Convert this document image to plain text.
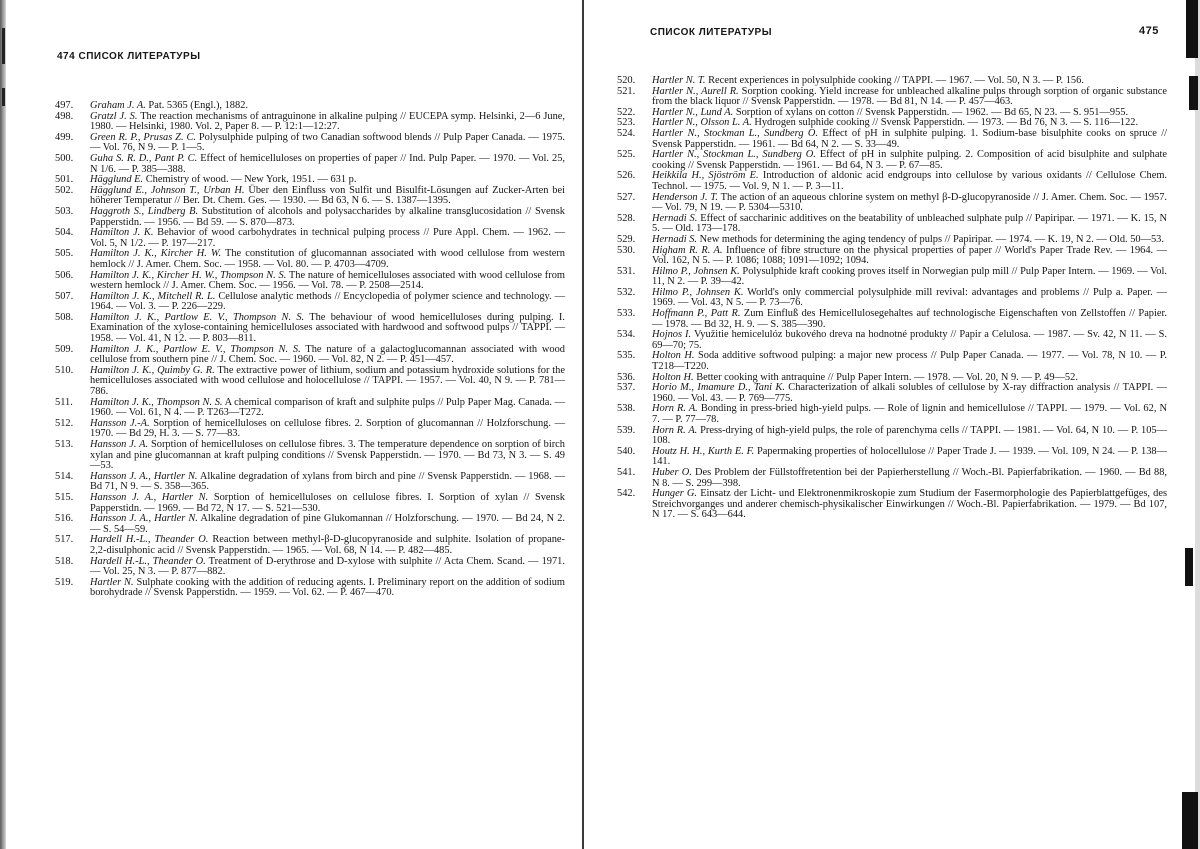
474 СПИСОК ЛИТЕРАТУРЫ

497.	Graham J. A. Pat. 5365 (Engl.), 1882.

498.	Gratzl J. S. The reaction mechanisms of antraguinone in alkaline pulping // EUCEPA symp. Helsinki, 2—6 June, 1980. — Helsinki, 1980. Vol. 2, Paper 8. — P. 12:1—12:27.

499.	Green R. P., Prusas Z. C. Polysulphide pulping of two Canadian softwood blends // Pulp Paper Canada. — 1975. — Vol. 76, N 9. — P. 1—5.

500.	Guha S. R. D., Pant P. C. Effect of hemicelluloses on properties of paper // Ind. Pulp Paper. — 1970. — Vol. 25, N 1/6. — P. 385—388.

501.	Hägglund E. Chemistry of wood. — New York, 1951. — 631 p.

502.	Hägglund E., Johnson T., Urban H. Über den Einfluss von Sulfit und Bisulfit-Lösungen auf Zucker-Arten bei höherer Temperatur // Ber. Dt. Chem. Ges. — 1930. — Bd 63, N 6. — S. 1387—1395.

503.	Haggroth S., Lindberg B. Substitution of alcohols and polysaccharides by alkaline transglucosidation // Svensk Papperstidn. — 1956. — Bd 59. — S. 870—873.

504.	Hamilton J. K. Behavior of wood carbohydrates in technical pulping process // Pure Appl. Chem. — 1962. — Vol. 5, N 1/2. — P. 197—217.

505.	Hamilton J. K., Kircher H. W. The constitution of glucomannan associated with wood cellulose from western hemlock // J. Amer. Chem. Soc. — 1958. — Vol. 80. — P. 4703—4709.

506.	Hamilton J. K., Kircher H. W., Thompson N. S. The nature of hemicelluloses associated with wood cellulose from western hemlock // J. Amer. Chem. Soc. — 1956. — Vol. 78. — P. 2508—2514.

507.	Hamilton J. K., Mitchell R. L. Cellulose analytic methods // Encyclopedia of polymer science and technology. — 1964. — Vol. 3. — P. 226—229.

508.	Hamilton J. K., Partlow E. V., Thompson N. S. The behaviour of wood hemicelluloses during pulping. I. Examination of the xylose-containing hemicelluloses associated with hardwood and softwood pulps // TAPPI. — 1958. — Vol. 41, N 12. — P. 803—811.

509.	Hamilton J. K., Partlow E. V., Thompson N. S. The nature of a galactoglucomannan associated with wood cellulose from southern pine // J. Chem. Soc. — 1960. — Vol. 82, N 2. — P. 451—457.

510.	Hamilton J. K., Quimby G. R. The extractive power of lithium, sodium and potassium hydroxide solutions for the hemicelluloses associated with wood cellulose and holocellulose // TAPPI. — 1957. — Vol. 40, N 9. — P. 781—786.

511.	Hamilton J. K., Thompson N. S. A chemical comparison of kraft and sulphite pulps // Pulp Paper Mag. Canada. — 1960. — Vol. 61, N 4. — P. T263—T272.

512.	Hansson J.-A. Sorption of hemicelluloses on cellulose fibres. 2. Sorption of glucomannan // Holzforschung. — 1970. — Bd 29, H. 3. — S. 77—83.

513.	Hansson J. A. Sorption of hemicelluloses on cellulose fibres. 3. The temperature dependence on sorption of birch xylan and pine glucomannan at kraft pulping conditions // Svensk Papperstidn. — 1970. — Bd 73, N 3. — S. 49—53.

514.	Hansson J. A., Hartler N. Alkaline degradation of xylans from birch and pine // Svensk Papperstidn. — 1968. — Bd 71, N 9. — S. 358—365.

515.	Hansson J. A., Hartler N. Sorption of hemicelluloses on cellulose fibres. I. Sorption of xylan // Svensk Papperstidn. — 1969. — Bd 72, N 17. — S. 521—530.

516.	Hansson J. A., Hartler N. Alkaline degradation of pine Glukomannan // Holzforschung. — 1970. — Bd 24, N 2. — S. 54—59.

517.	Hardell H.-L., Theander O. Reaction between methyl-β-D-glucopyranoside and sulphite. Isolation of propane-2,2-disulphonic acid // Svensk Papperstidn. — 1965. — Vol. 68, N 14. — P. 482—485.

518.	Hardell H.-L., Theander O. Treatment of D-erythrose and D-xylose with sulphite // Acta Chem. Scand. — 1971. — Vol. 25, N 3. — P. 877—882.

519.	Hartler N. Sulphate cooking with the addition of reducing agents. I. Preliminary report on the addition of sodium borohydrade // Svensk Papperstidn. — 1959. — Vol. 62. — P. 467—470.

СПИСОК ЛИТЕРАТУРЫ	475

520.	Hartler N. T. Recent experiences in polysulphide cooking // TAPPI. — 1967. — Vol. 50, N 3. — P. 156.

521.	Hartler N., Aurell R. Sorption cooking. Yield increase for unbleached alkaline pulps through sorption of organic substance from the black liquor // Svensk Papperstidn. — 1978. — Bd 81, N 14. — P. 457—463.

522.	Hartler N., Lund A. Sorption of xylans on cotton // Svensk Papperstidn. — 1962. — Bd 65, N 23. — S. 951—955.

523.	Hartler N., Olsson L. A. Hydrogen sulphide cooking // Svensk Papperstidn. — 1973. — Bd 76, N 3. — S. 116—122.

524.	Hartler N., Stockman L., Sundberg O. Effect of pH in sulphite pulping. 1. Sodium-base bisulphite cooks on spruce // Svensk Papperstidn. — 1961. — Bd 64, N 2. — S. 33—49.

525.	Hartler N., Stockman L., Sundberg O. Effect of pH in sulphite pulping. 2. Composition of acid bisulphite and sulphate cooking // Svensk Papperstidn. — 1961. — Bd 64, N 3. — P. 67—85.

526.	Heikkila H., Sjöström E. Introduction of aldonic acid endgroups into cellulose by various oxidants // Cellulose Chem. Technol. — 1975. — Vol. 9, N 1. — P. 3—11.

527.	Henderson J. T. The action of an aqueous chlorine system on methyl β-D-glucopyranoside // J. Amer. Chem. Soc. — 1957. — Vol. 79, N 19. — P. 5304—5310.

528.	Hernadi S. Effect of saccharinic additives on the beatability of unbleached sulphate pulp // Papiripar. — 1971. — K. 15, N 5. — Old. 173—178.

529.	Hernadi S. New methods for determining the aging tendency of pulps // Papiripar. — 1974. — K. 19, N 2. — Old. 50—53.

530.	Higham R. R. A. Influence of fibre structure on the physical properties of paper // World's Paper Trade Rev. — 1964. — Vol. 162, N 5. — P. 1086; 1088; 1091—1092; 1094.

531.	Hilmo P., Johnsen K. Polysulphide kraft cooking proves itself in Norwegian pulp mill // Pulp Paper Intern. — 1969. — Vol. 11, N 2. — P. 39—42.

532.	Hilmo P., Johnsen K. World's only commercial polysulphide mill revival: advantages and problems // Pulp a. Paper. — 1969. — Vol. 43, N 5. — P. 73—76.

533.	Hoffmann P., Patt R. Zum Einfluß des Hemicellulosegehaltes auf technologische Eigenschaften von Zellstoffen // Papier. — 1978. — Bd 32, H. 9. — S. 385—390.

534.	Hojnos I. Využitie hemicelulóz bukového dreva na hodnotné produkty // Papir a Celulosa. — 1987. — Sv. 42, N 11. — S. 69—70; 75.

535.	Holton H. Soda additive softwood pulping: a major new process // Pulp Paper Canada. — 1977. — Vol. 78, N 10. — P. T218—T220.

536.	Holton H. Better cooking with antraquine // Pulp Paper Intern. — 1978. — Vol. 20, N 9. — P. 49—52.

537.	Horio M., Imamure D., Tani K. Characterization of alkali solubles of cellulose by X-ray diffraction analysis // TAPPI. — 1960. — Vol. 43. — P. 769—775.

538.	Horn R. A. Bonding in press-bried high-yield pulps. — Role of lignin and hemicellulose // TAPPI. — 1979. — Vol. 62, N 7. — P. 77—78.

539.	Horn R. A. Press-drying of high-yield pulps, the role of parenchyma cells // TAPPI. — 1981. — Vol. 64, N 10. — P. 105—108.

540.	Houtz H. H., Kurth E. F. Papermaking properties of holocellulose // Paper Trade J. — 1939. — Vol. 109, N 24. — P. 138—141.

541.	Huber O. Des Problem der Füllstoffretention bei der Papierherstellung // Woch.-Bl. Papierfabrikation. — 1960. — Bd 88, N 8. — S. 299—398.

542.	Hunger G. Einsatz der Licht- und Elektronenmikroskopie zum Studium der Fasermorphologie des Papierblattgefüges, des Streichvorganges und anderer chemisch-physikalischer Einwirkungen // Woch.-Bl. Papierfabrikation. — 1979. — Bd 107, N 17. — S. 643—644.
